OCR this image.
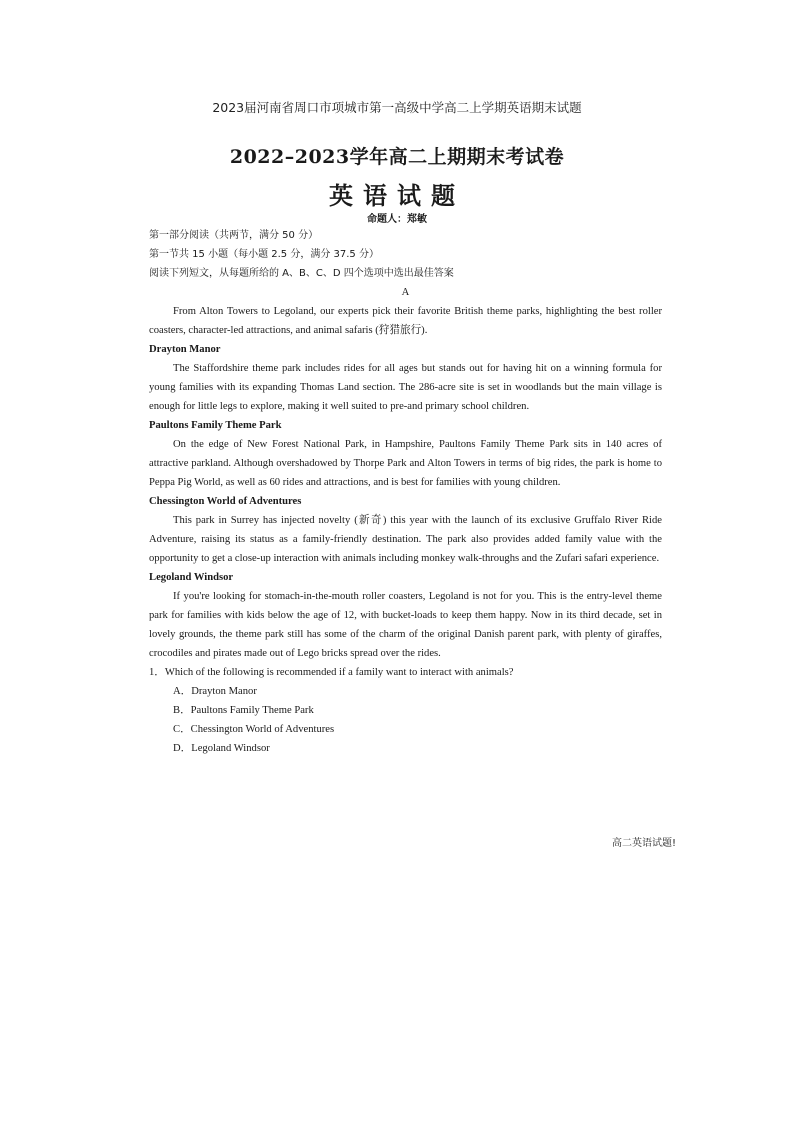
2023届河南省周口市项城市第一高级中学高二上学期英语期末试题
2022–2023学年高二上期期末考试卷
英语试题
命题人：郑敏
第一部分阅读（共两节，满分 50 分）
第一节共 15 小题（每小题 2.5 分，满分 37.5 分）
阅读下列短文，从每题所给的 A、B、C、D 四个选项中选出最佳答案
A

From Alton Towers to Legoland, our experts pick their favorite British theme parks, highlighting the best roller coasters, character-led attractions, and animal safaris (狩猎旅行).

Drayton Manor

The Staffordshire theme park includes rides for all ages but stands out for having hit on a winning formula for young families with its expanding Thomas Land section. The 286-acre site is set in woodlands but the main village is enough for little legs to explore, making it well suited to pre-and primary school children.

Paultons Family Theme Park

On the edge of New Forest National Park, in Hampshire, Paultons Family Theme Park sits in 140 acres of attractive parkland. Although overshadowed by Thorpe Park and Alton Towers in terms of big rides, the park is home to Peppa Pig World, as well as 60 rides and attractions, and is best for families with young children.

Chessington World of Adventures

This park in Surrey has injected novelty (新奇) this year with the launch of its exclusive Gruffalo River Ride Adventure, raising its status as a family-friendly destination. The park also provides added family value with the opportunity to get a close-up interaction with animals including monkey walk-throughs and the Zufari safari experience.

Legoland Windsor

If you're looking for stomach-in-the-mouth roller coasters, Legoland is not for you. This is the entry-level theme park for families with kids below the age of 12, with bucket-loads to keep them happy. Now in its third decade, set in lovely grounds, the theme park still has some of the charm of the original Danish parent park, with plenty of giraffes, crocodiles and pirates made out of Lego bricks spread over the rides.

1．Which of the following is recommended if a family want to interact with animals?

A．Drayton Manor

B．Paultons Family Theme Park

C．Chessington World of Adventures

D．Legoland Windsor

高二英语试题!
